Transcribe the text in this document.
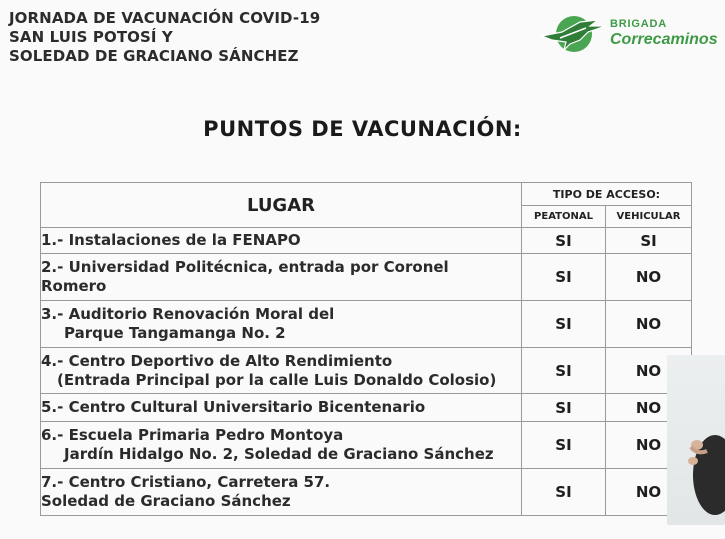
JORNADA DE VACUNACIÓN COVID-19
SAN LUIS POTOSÍ Y
SOLEDAD DE GRACIANO SÁNCHEZ
BRIGADA
Correcaminos
PUNTOS DE VACUNACIÓN:
LUGAR	TIPO DE ACCESO:	
	PEATONAL	VEHICULAR
1.- Instalaciones de la FENAPO	SI	SI

2.- Universidad Politécnica, entrada por Coronel
Romero	SI	NO

3.- Auditorio Renovación Moral del
Parque Tangamanga No. 2	SI	NO

4.- Centro Deportivo de Alto Rendimiento
(Entrada Principal por la calle Luis Donaldo Colosio)	SI	NO
5.- Centro Cultural Universitario Bicentenario	SI	NO

6.- Escuela Primaria Pedro Montoya
Jardín Hidalgo No. 2, Soledad de Graciano Sánchez	SI	NO

7.- Centro Cristiano, Carretera 57.
Soledad de Graciano Sánchez	SI	NO
